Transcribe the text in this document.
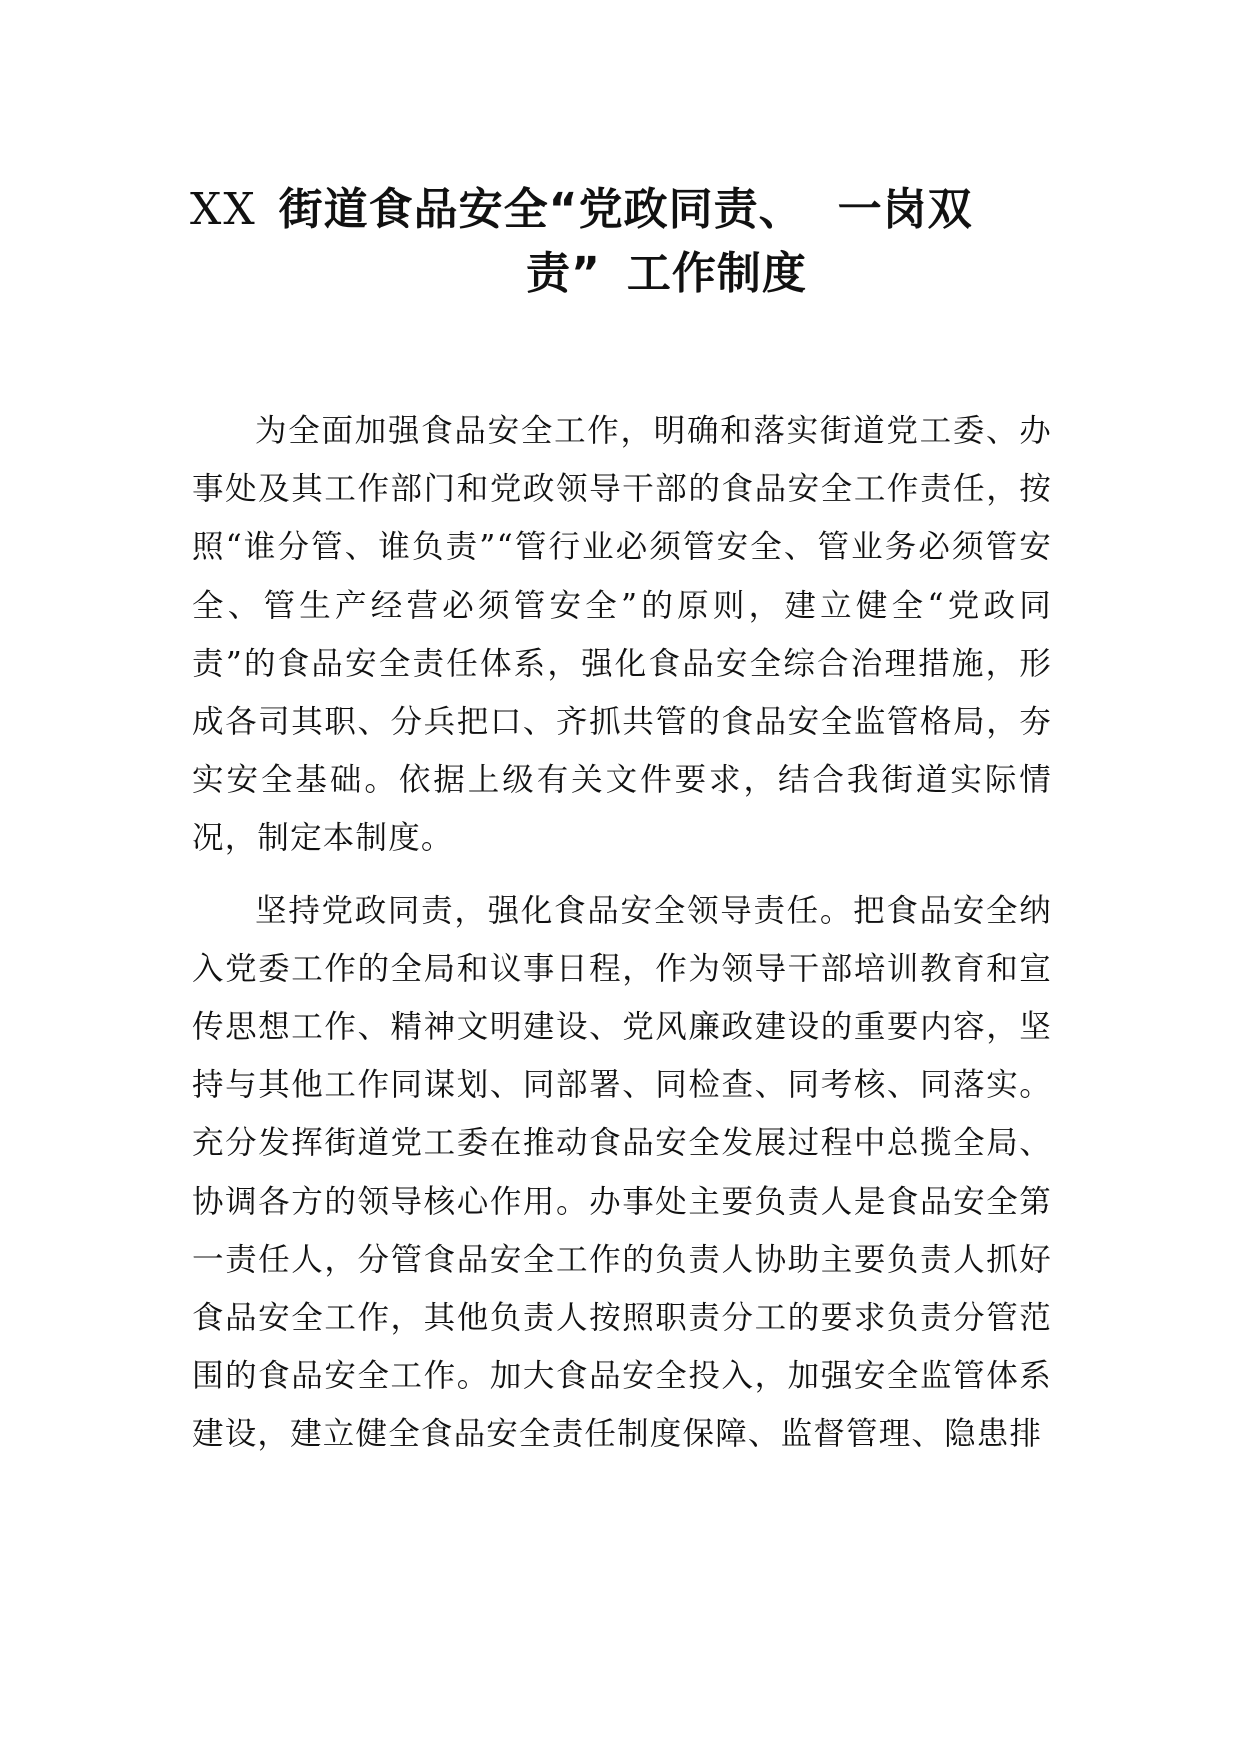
XX 街道食品安全“党政同责、 一岗双
责” 工作制度

为全面加强食品安全工作，明确和落实街道党工委、办事处及其工作部门和党政领导干部的食品安全工作责任，按照“谁分管、谁负责”“管行业必须管安全、管业务必须管安全、管生产经营必须管安全”的原则，建立健全“党政同责”的食品安全责任体系，强化食品安全综合治理措施，形成各司其职、分兵把口、齐抓共管的食品安全监管格局，夯实安全基础。依据上级有关文件要求，结合我街道实际情况，制定本制度。

坚持党政同责，强化食品安全领导责任。把食品安全纳入党委工作的全局和议事日程，作为领导干部培训教育和宣传思想工作、精神文明建设、党风廉政建设的重要内容，坚持与其他工作同谋划、同部署、同检查、同考核、同落实。充分发挥街道党工委在推动食品安全发展过程中总揽全局、协调各方的领导核心作用。办事处主要负责人是食品安全第一责任人，分管食品安全工作的负责人协助主要负责人抓好食品安全工作，其他负责人按照职责分工的要求负责分管范围的食品安全工作。加大食品安全投入，加强安全监管体系建设，建立健全食品安全责任制度保障、监督管理、隐患排
